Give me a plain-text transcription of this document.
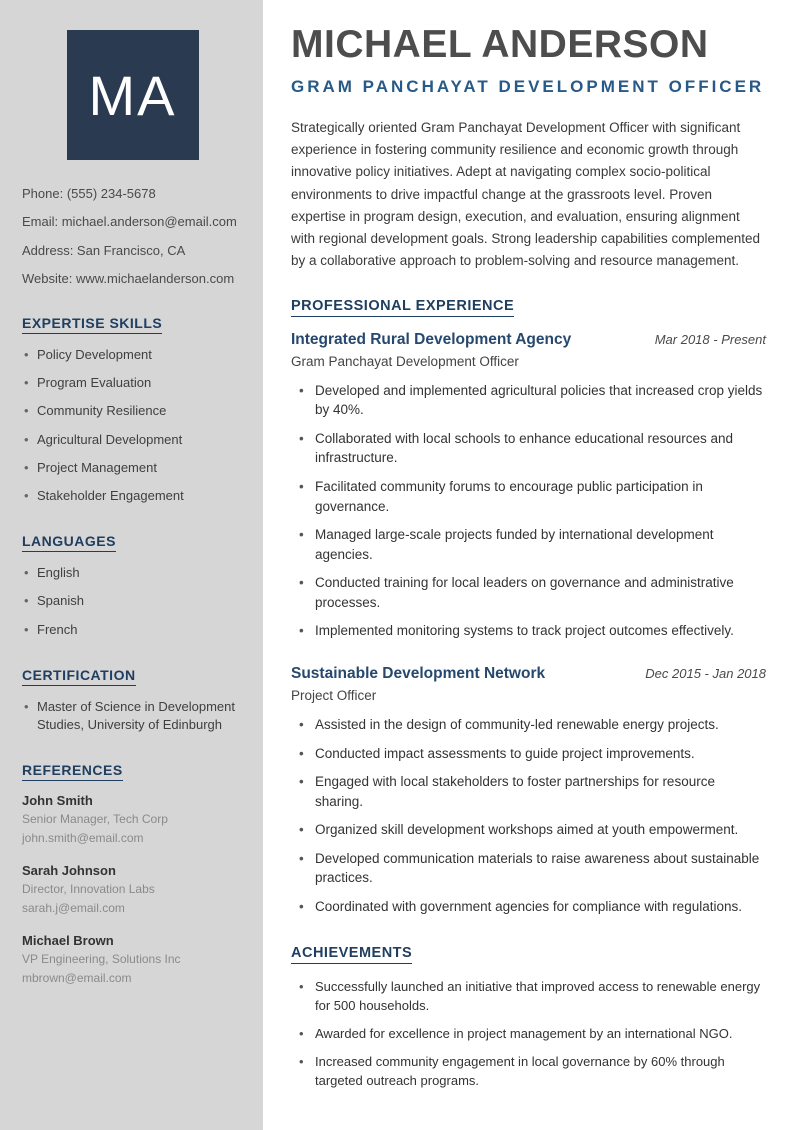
MA
Phone: (555) 234-5678
Email: michael.anderson@email.com
Address: San Francisco, CA
Website: www.michaelanderson.com
EXPERTISE SKILLS
• Policy Development
• Program Evaluation
• Community Resilience
• Agricultural Development
• Project Management
• Stakeholder Engagement
LANGUAGES
• English
• Spanish
• French
CERTIFICATION
• Master of Science in Development Studies, University of Edinburgh
REFERENCES
John Smith
Senior Manager, Tech Corp
john.smith@email.com
Sarah Johnson
Director, Innovation Labs
sarah.j@email.com
Michael Brown
VP Engineering, Solutions Inc
mbrown@email.com
MICHAEL ANDERSON
GRAM PANCHAYAT DEVELOPMENT OFFICER

Strategically oriented Gram Panchayat Development Officer with significant experience in fostering community resilience and economic growth through innovative policy initiatives. Adept at navigating complex socio-political environments to drive impactful change at the grassroots level. Proven expertise in program design, execution, and evaluation, ensuring alignment with regional development goals. Strong leadership capabilities complemented by a collaborative approach to problem-solving and resource management.

PROFESSIONAL EXPERIENCE
Integrated Rural Development Agency	Mar 2018 - Present
Gram Panchayat Development Officer
• Developed and implemented agricultural policies that increased crop yields by 40%.
• Collaborated with local schools to enhance educational resources and infrastructure.
• Facilitated community forums to encourage public participation in governance.
• Managed large-scale projects funded by international development agencies.
• Conducted training for local leaders on governance and administrative processes.
• Implemented monitoring systems to track project outcomes effectively.
Sustainable Development Network	Dec 2015 - Jan 2018
Project Officer
• Assisted in the design of community-led renewable energy projects.
• Conducted impact assessments to guide project improvements.
• Engaged with local stakeholders to foster partnerships for resource sharing.
• Organized skill development workshops aimed at youth empowerment.
• Developed communication materials to raise awareness about sustainable practices.
• Coordinated with government agencies for compliance with regulations.
ACHIEVEMENTS
• Successfully launched an initiative that improved access to renewable energy for 500 households.
• Awarded for excellence in project management by an international NGO.
• Increased community engagement in local governance by 60% through targeted outreach programs.
